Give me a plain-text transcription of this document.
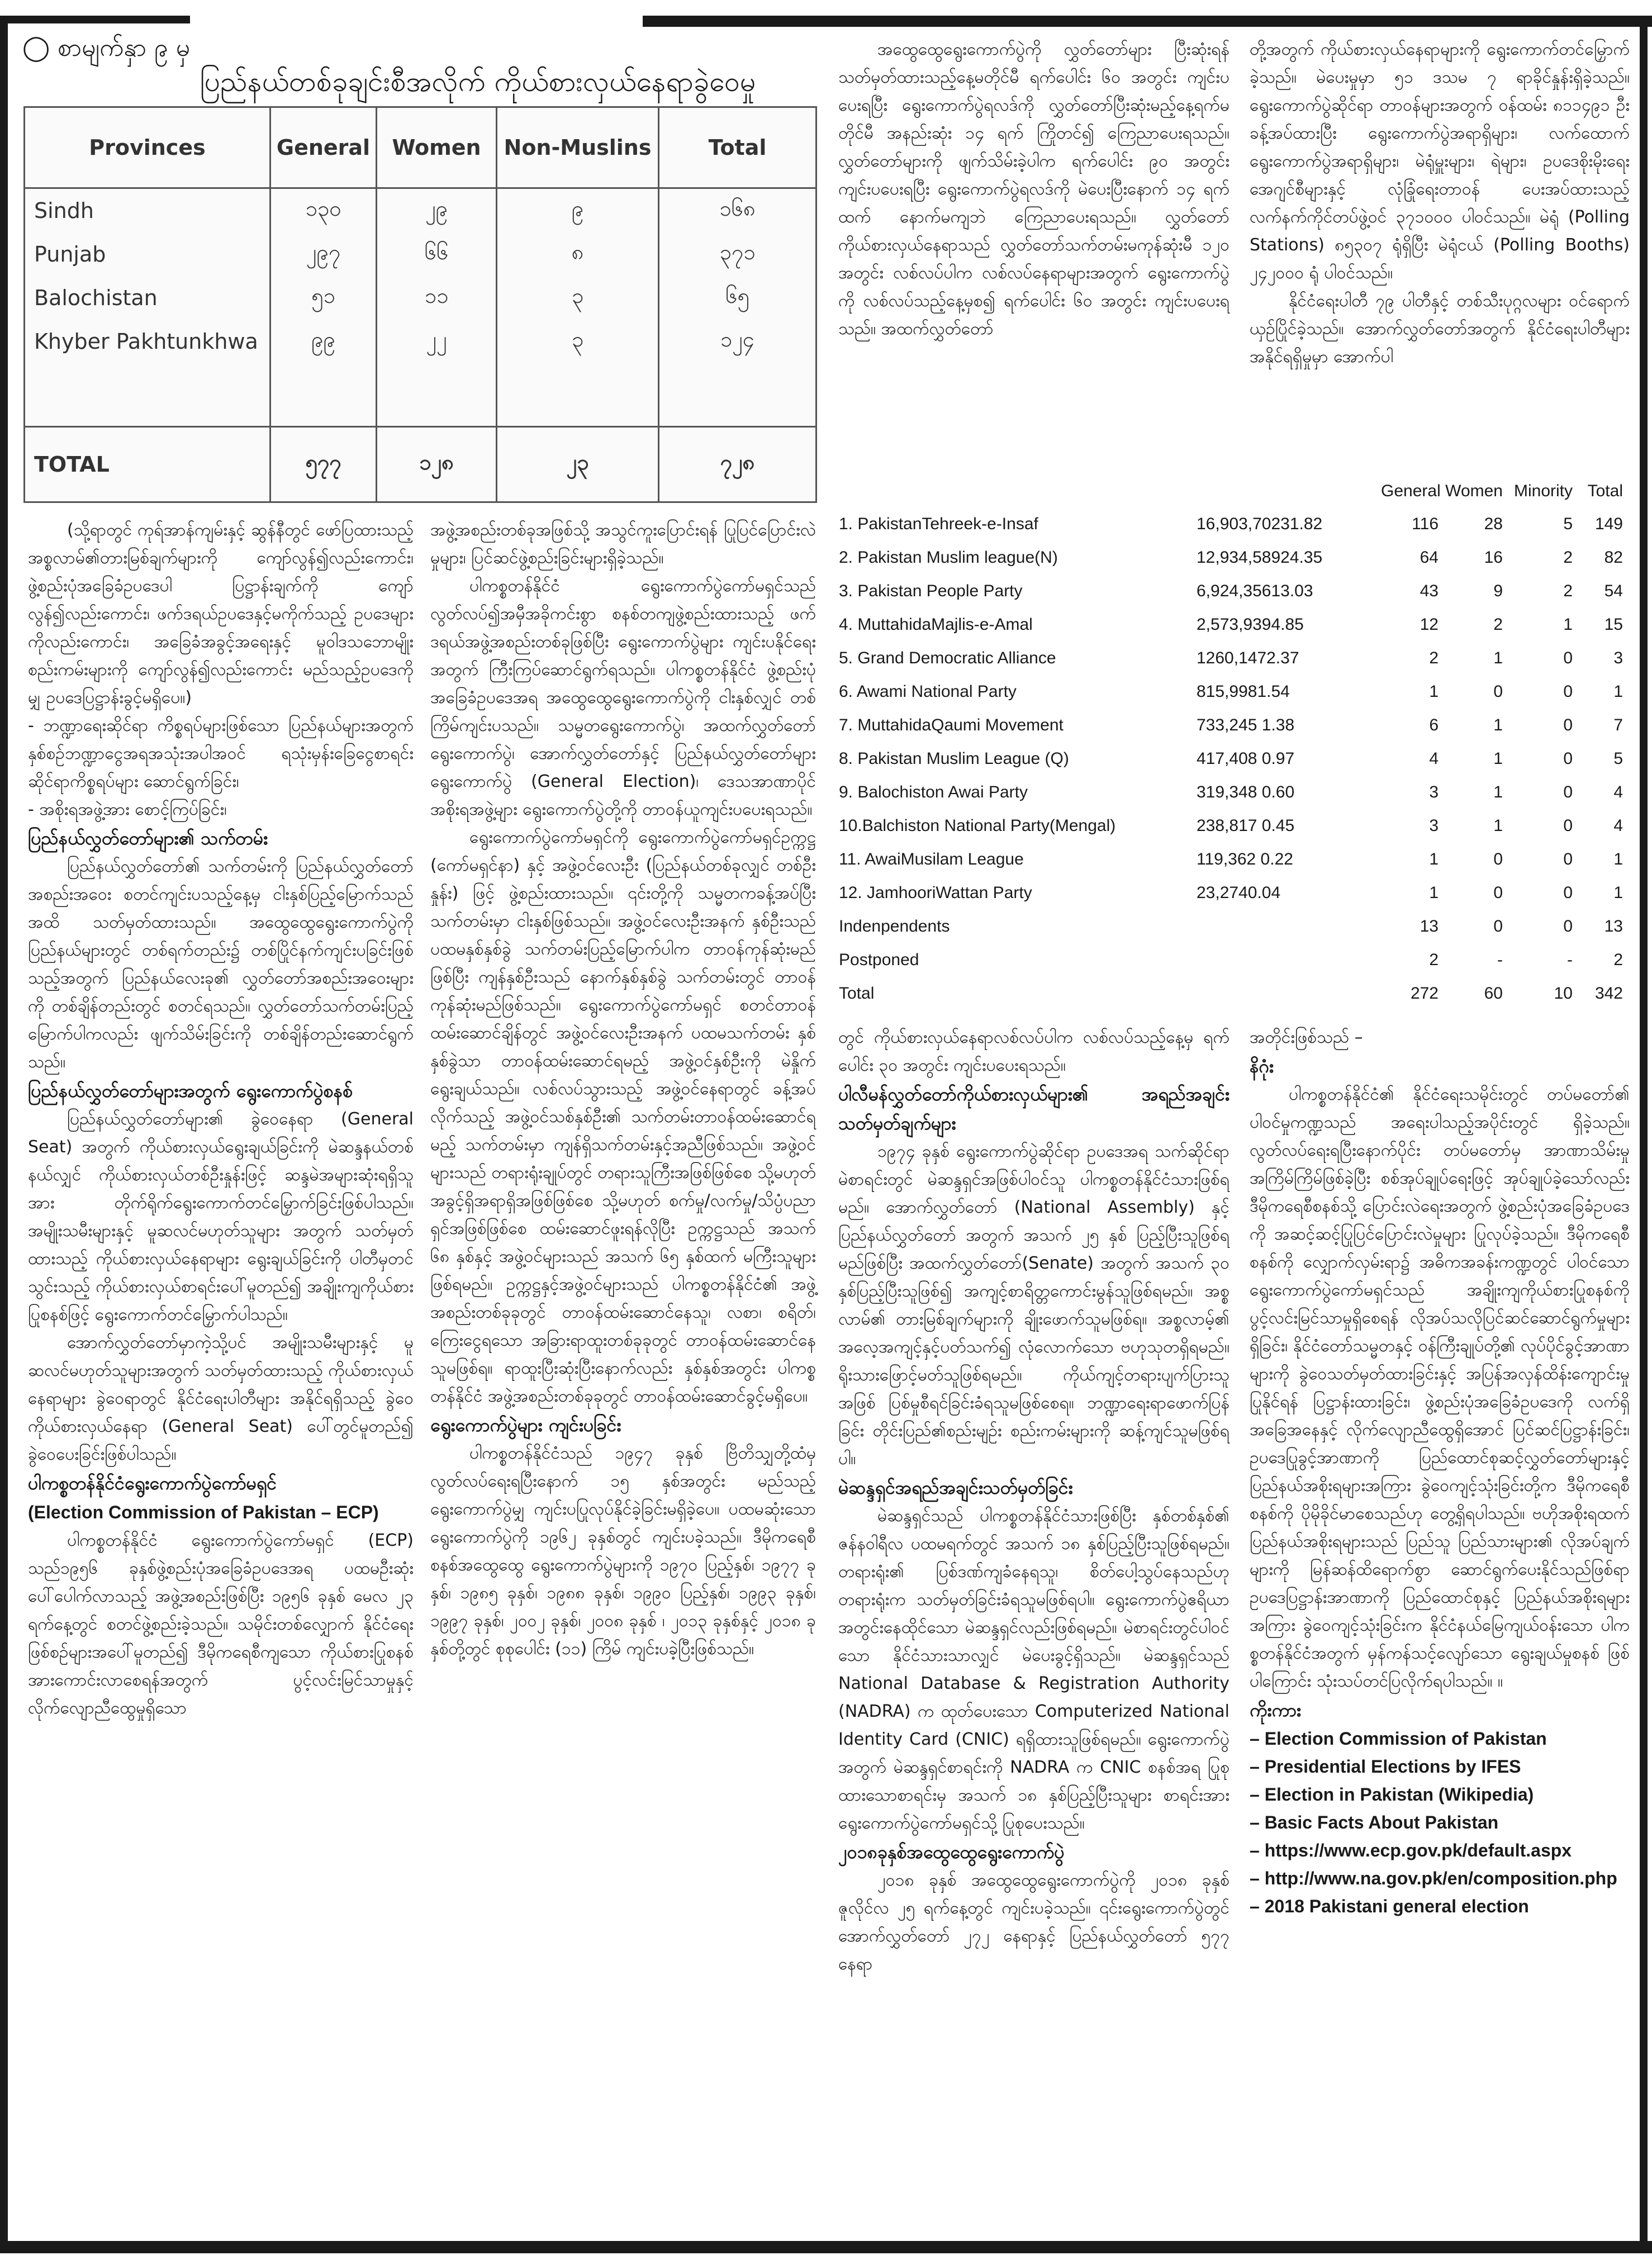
◯ စာမျက်နှာ ၉ မှ
ပြည်နယ်တစ်ခုချင်းစီအလိုက် ကိုယ်စားလှယ်နေရာခွဲဝေမှု
Provinces	General	Women	Non-Muslins	Total
Sindh	၁၃၀	၂၉	၉	၁၆၈
Punjab	၂၉၇	၆၆	၈	၃၇၁
Balochistan	၅၁	၁၁	၃	၆၅
Khyber Pakhtunkhwa	၉၉	၂၂	၃	၁၂၄

TOTAL	၅၇၇	၁၂၈	၂၃	၇၂၈

(သို့ရာတွင် ကုရ်အာန်ကျမ်းနှင့် ဆွန်နီတွင် ဖော်ပြထားသည့် အစ္စလာမ်၏တားမြစ်ချက်များကို ကျော်လွန်၍လည်းကောင်း၊ ဖွဲ့စည်းပုံအခြေခံဥပဒေပါ ပြဋ္ဌာန်းချက်ကို ကျော်လွန်၍လည်းကောင်း၊ ဖက်ဒရယ်ဥပဒေနှင့်မကိုက်သည့် ဥပဒေများကိုလည်းကောင်း၊ အခြေခံအခွင့်အရေးနှင့် မူဝါဒသဘောမျိုးစည်းကမ်းများကို ကျော်လွန်၍လည်းကောင်း မည်သည့်ဥပဒေကိုမျှ ဥပဒေပြဋ္ဌာန်းခွင့်မရှိပေ။)

- ဘဏ္ဍာရေးဆိုင်ရာ ကိစ္စရပ်များဖြစ်သော ပြည်နယ်များအတွက် နှစ်စဉ်ဘဏ္ဍာငွေအရအသုံးအပါအဝင် ရသုံးမှန်းခြေငွေစာရင်းဆိုင်ရာကိစ္စရပ်များ ဆောင်ရွက်ခြင်း၊
- အစိုးရအဖွဲ့အား စောင့်ကြပ်ခြင်း၊
ပြည်နယ်လွှတ်တော်များ၏ သက်တမ်း

ပြည်နယ်လွှတ်တော်၏ သက်တမ်းကို ပြည်နယ်လွှတ်တော်အစည်းအဝေး စတင်ကျင်းပသည့်နေ့မှ ငါးနှစ်ပြည့်မြောက်သည်အထိ သတ်မှတ်ထားသည်။ အထွေထွေရွေးကောက်ပွဲကို ပြည်နယ်များတွင် တစ်ရက်တည်း၌ တစ်ပြိုင်နက်ကျင်းပခြင်းဖြစ်သည့်အတွက် ပြည်နယ်လေးခု၏ လွှတ်တော်အစည်းအဝေးများကို တစ်ချိန်တည်းတွင် စတင်ရသည်။ လွှတ်တော်သက်တမ်းပြည့်မြောက်ပါကလည်း ဖျက်သိမ်းခြင်းကို တစ်ချိန်တည်းဆောင်ရွက်သည်။

ပြည်နယ်လွှတ်တော်များအတွက် ရွေးကောက်ပွဲစနစ်

ပြည်နယ်လွှတ်တော်များ၏ ခွဲဝေနေရာ (General Seat) အတွက် ကိုယ်စားလှယ်ရွေးချယ်ခြင်းကို မဲဆန္ဒနယ်တစ်နယ်လျှင် ကိုယ်စားလှယ်တစ်ဦးနှုန်းဖြင့် ဆန္ဒမဲအများဆုံးရရှိသူအား တိုက်ရိုက်ရွေးကောက်တင်မြှောက်ခြင်းဖြစ်ပါသည်။ အမျိုးသမီးများနှင့် မူဆလင်မဟုတ်သူများ အတွက် သတ်မှတ်ထားသည့် ကိုယ်စားလှယ်နေရာများ ရွေးချယ်ခြင်းကို ပါတီမှတင်သွင်းသည့် ကိုယ်စားလှယ်စာရင်းပေါ်မူတည်၍ အချိုးကျကိုယ်စားပြုစနစ်ဖြင့် ရွေးကောက်တင်မြှောက်ပါသည်။

အောက်လွှတ်တော်မှာကဲ့သို့ပင် အမျိုးသမီးများနှင့် မူဆလင်မဟုတ်သူများအတွက် သတ်မှတ်ထားသည့် ကိုယ်စားလှယ်နေရာများ ခွဲဝေရာတွင် နိုင်ငံရေးပါတီများ အနိုင်ရရှိသည့် ခွဲဝေကိုယ်စားလှယ်နေရာ (General Seat) ပေါ်တွင်မူတည်၍ ခွဲဝေပေးခြင်းဖြစ်ပါသည်။

ပါကစ္စတန်နိုင်ငံရွေးကောက်ပွဲကော်မရှင်
(Election Commission of Pakistan – ECP)

ပါကစ္စတန်နိုင်ငံ ရွေးကောက်ပွဲကော်မရှင် (ECP) သည်၁၉၅၆ ခုနှစ်ဖွဲ့စည်းပုံအခြေခံဥပဒေအရ ပထမဦးဆုံးပေါ်ပေါက်လာသည့် အဖွဲ့အစည်းဖြစ်ပြီး ၁၉၅၆ ခုနှစ် မေလ ၂၃ ရက်နေ့တွင် စတင်ဖွဲ့စည်းခဲ့သည်။ သမိုင်းတစ်လျှောက် နိုင်ငံရေးဖြစ်စဉ်များအပေါ်မူတည်၍ ဒီမိုကရေစီကျသော ကိုယ်စားပြုစနစ် အားကောင်းလာစေရန်အတွက် ပွင့်လင်းမြင်သာမှုနှင့် လိုက်လျောညီထွေမှုရှိသော

အဖွဲ့အစည်းတစ်ခုအဖြစ်သို့ အသွင်ကူးပြောင်းရန် ပြုပြင်ပြောင်းလဲမှုများ၊ ပြင်ဆင်ဖွဲ့စည်းခြင်းများရှိခဲ့သည်။

ပါကစ္စတန်နိုင်ငံ ရွေးကောက်ပွဲကော်မရှင်သည် လွတ်လပ်၍အမှီအခိုကင်းစွာ စနစ်တကျဖွဲ့စည်းထားသည့် ဖက်ဒရယ်အဖွဲ့အစည်းတစ်ခုဖြစ်ပြီး ရွေးကောက်ပွဲများ ကျင်းပနိုင်ရေးအတွက် ကြီးကြပ်ဆောင်ရွက်ရသည်။ ပါကစ္စတန်နိုင်ငံ ဖွဲ့စည်းပုံအခြေခံဥပဒေအရ အထွေထွေရွေးကောက်ပွဲကို ငါးနှစ်လျှင် တစ်ကြိမ်ကျင်းပသည်။ သမ္မတရွေးကောက်ပွဲ၊ အထက်လွှတ်တော်ရွေးကောက်ပွဲ၊ အောက်လွှတ်တော်နှင့် ပြည်နယ်လွှတ်တော်များ ရွေးကောက်ပွဲ (General Election)၊ ဒေသအာဏာပိုင်အစိုးရအဖွဲ့များ ရွေးကောက်ပွဲတို့ကို တာဝန်ယူကျင်းပပေးရသည်။

ရွေးကောက်ပွဲကော်မရှင်ကို ရွေးကောက်ပွဲကော်မရှင်ဥက္ကဋ္ဌ (ကော်မရှင်နာ) နှင့် အဖွဲ့ဝင်လေးဦး (ပြည်နယ်တစ်ခုလျှင် တစ်ဦးနှုန်း) ဖြင့် ဖွဲ့စည်းထားသည်။ ၎င်းတို့ကို သမ္မတကခန့်အပ်ပြီး သက်တမ်းမှာ ငါးနှစ်ဖြစ်သည်။ အဖွဲ့ဝင်လေးဦးအနက် နှစ်ဦးသည် ပထမနှစ်နှစ်ခွဲ သက်တမ်းပြည့်မြောက်ပါက တာဝန်ကုန်ဆုံးမည်ဖြစ်ပြီး ကျန်နှစ်ဦးသည် နောက်နှစ်နှစ်ခွဲ သက်တမ်းတွင် တာဝန်ကုန်ဆုံးမည်ဖြစ်သည်။ ရွေးကောက်ပွဲကော်မရှင် စတင်တာဝန်ထမ်းဆောင်ချိန်တွင် အဖွဲ့ဝင်လေးဦးအနက် ပထမသက်တမ်း နှစ်နှစ်ခွဲသာ တာဝန်ထမ်းဆောင်ရမည့် အဖွဲ့ဝင်နှစ်ဦးကို မဲနှိုက်ရွေးချယ်သည်။ လစ်လပ်သွားသည့် အဖွဲ့ဝင်နေရာတွင် ခန့်အပ်လိုက်သည့် အဖွဲ့ဝင်သစ်နှစ်ဦး၏ သက်တမ်းတာဝန်ထမ်းဆောင်ရမည့် သက်တမ်းမှာ ကျန်ရှိသက်တမ်းနှင့်အညီဖြစ်သည်။ အဖွဲ့ဝင်များသည် တရားရုံးချုပ်တွင် တရားသူကြီးအဖြစ်ဖြစ်စေ သို့မဟုတ် အခွင့်ရှိအရာရှိအဖြစ်ဖြစ်စေ သို့မဟုတ် စက်မှု/လက်မှု/သိပ္ပံပညာရှင်အဖြစ်ဖြစ်စေ ထမ်းဆောင်ဖူးရန်လိုပြီး ဥက္ကဋ္ဌသည် အသက် ၆၈ နှစ်နှင့် အဖွဲ့ဝင်များသည် အသက် ၆၅ နှစ်ထက် မကြီးသူများဖြစ်ရမည်။ ဥက္ကဋ္ဌနှင့်အဖွဲ့ဝင်များသည် ပါကစ္စတန်နိုင်ငံ၏ အဖွဲ့အစည်းတစ်ခုခုတွင် တာဝန်ထမ်းဆောင်နေသူ၊ လစာ၊ စရိတ်၊ ကြေးငွေရသော အခြားရာထူးတစ်ခုခုတွင် တာဝန်ထမ်းဆောင်နေသူမဖြစ်ရ။ ရာထူးပြီးဆုံးပြီးနောက်လည်း နှစ်နှစ်အတွင်း ပါကစ္စတန်နိုင်ငံ အဖွဲ့အစည်းတစ်ခုခုတွင် တာဝန်ထမ်းဆောင်ခွင့်မရှိပေ။

ရွေးကောက်ပွဲများ ကျင်းပခြင်း

ပါကစ္စတန်နိုင်ငံသည် ၁၉၄၇ ခုနှစ် ဗြိတိသျှတို့ထံမှ လွတ်လပ်ရေးရပြီးနောက် ၁၅ နှစ်အတွင်း မည်သည့်ရွေးကောက်ပွဲမျှ ကျင်းပပြုလုပ်နိုင်ခဲ့ခြင်းမရှိခဲ့ပေ။ ပထမဆုံးသောရွေးကောက်ပွဲကို ၁၉၆၂ ခုနှစ်တွင် ကျင်းပခဲ့သည်။ ဒီမိုကရေစီစနစ်အထွေထွေ ရွေးကောက်ပွဲများကို ၁၉၇၀ ပြည့်နှစ်၊ ၁၉၇၇ ခုနှစ်၊ ၁၉၈၅ ခုနှစ်၊ ၁၉၈၈ ခုနှစ်၊ ၁၉၉၀ ပြည့်နှစ်၊ ၁၉၉၃ ခုနှစ်၊ ၁၉၉၇ ခုနှစ်၊ ၂၀၀၂ ခုနှစ်၊ ၂၀၀၈ ခုနှစ် ၊ ၂၀၁၃ ခုနှစ်နှင့် ၂၀၁၈ ခုနှစ်တို့တွင် စုစုပေါင်း (၁၁) ကြိမ် ကျင်းပခဲ့ပြီးဖြစ်သည်။

အထွေထွေရွေးကောက်ပွဲကို လွှတ်တော်များ ပြီးဆုံးရန် သတ်မှတ်ထားသည့်နေ့မတိုင်မီ ရက်ပေါင်း ၆၀ အတွင်း ကျင်းပပေးရပြီး ရွေးကောက်ပွဲရလဒ်ကို လွှတ်တော်ပြီးဆုံးမည့်နေ့ရက်မတိုင်မီ အနည်းဆုံး ၁၄ ရက် ကြိုတင်၍ ကြေညာပေးရသည်။ လွှတ်တော်များကို ဖျက်သိမ်းခဲ့ပါက ရက်ပေါင်း ၉၀ အတွင်း ကျင်းပပေးရပြီး ရွေးကောက်ပွဲရလဒ်ကို မဲပေးပြီးနောက် ၁၄ ရက်ထက် နောက်မကျဘဲ ကြေညာပေးရသည်။ လွှတ်တော်ကိုယ်စားလှယ်နေရာသည် လွှတ်တော်သက်တမ်းမကုန်ဆုံးမီ ၁၂၀ အတွင်း လစ်လပ်ပါက လစ်လပ်နေရာများအတွက် ရွေးကောက်ပွဲကို လစ်လပ်သည့်နေ့မှစ၍ ရက်ပေါင်း ၆၀ အတွင်း ကျင်းပပေးရသည်။ အထက်လွှတ်တော်

တို့အတွက် ကိုယ်စားလှယ်နေရာများကို ရွေးကောက်တင်မြှောက်ခဲ့သည်။ မဲပေးမှုမှာ ၅၁ ဒသမ ၇ ရာခိုင်နှုန်းရှိခဲ့သည်။ ရွေးကောက်ပွဲဆိုင်ရာ တာဝန်များအတွက် ဝန်ထမ်း ၈၁၁၄၉၁ ဦး ခန့်အပ်ထားပြီး ရွေးကောက်ပွဲအရာရှိများ၊ လက်ထောက် ရွေးကောက်ပွဲအရာရှိများ၊ မဲရုံမှူးများ၊ ရဲများ၊ ဥပဒေစိုးမိုးရေးအေဂျင်စီများနှင့် လုံခြုံရေးတာဝန် ပေးအပ်ထားသည့် လက်နက်ကိုင်တပ်ဖွဲ့ဝင် ၃၇၁၀၀၀ ပါဝင်သည်။ မဲရုံ (Polling Stations) ၈၅၃၀၇ ရုံရှိပြီး မဲရုံငယ် (Polling Booths) ၂၄၂၀၀၀ ရုံ ပါဝင်သည်။

နိုင်ငံရေးပါတီ ၇၉ ပါတီနှင့် တစ်သီးပုဂ္ဂလများ ဝင်ရောက်ယှဉ်ပြိုင်ခဲ့သည်။ အောက်လွှတ်တော်အတွက် နိုင်ငံရေးပါတီများ အနိုင်ရရှိမှုမှာ အောက်ပါ

		General	Women	Minority	Total
1. PakistanTehreek-e-Insaf	16,903,70231.82	116	28	5	149
2. Pakistan Muslim league(N)	12,934,58924.35	64	16	2	82
3. Pakistan People Party	6,924,35613.03	43	9	2	54
4. MuttahidaMajlis-e-Amal	2,573,9394.85	12	2	1	15
5. Grand Democratic Alliance	1260,1472.37	2	1	0	3
6. Awami National Party	815,9981.54	1	0	0	1
7. MuttahidaQaumi Movement	733,245 1.38	6	1	0	7
8. Pakistan Muslim League (Q)	417,408 0.97	4	1	0	5
9. Balochiston Awai Party	319,348 0.60	3	1	0	4
10.Balchiston National Party(Mengal)	238,817 0.45	3	1	0	4
11. AwaiMusilam League	119,362 0.22	1	0	0	1
12. JamhooriWattan Party	23,2740.04	1	0	0	1
Indenpendents		13	0	0	13
Postponed		2	-	-	2
Total		272	60	10	342

တွင် ကိုယ်စားလှယ်နေရာလစ်လပ်ပါက လစ်လပ်သည့်နေ့မှ ရက်ပေါင်း ၃၀ အတွင်း ကျင်းပပေးရသည်။

ပါလီမန်လွှတ်တော်ကိုယ်စားလှယ်များ၏ အရည်အချင်းသတ်မှတ်ချက်များ

၁၉၇၄ ခုနှစ် ရွေးကောက်ပွဲဆိုင်ရာ ဥပဒေအရ သက်ဆိုင်ရာမဲစာရင်းတွင် မဲဆန္ဒရှင်အဖြစ်ပါဝင်သူ ပါကစ္စတန်နိုင်ငံသားဖြစ်ရမည်။ အောက်လွှတ်တော် (National Assembly) နှင့် ပြည်နယ်လွှတ်တော် အတွက် အသက် ၂၅ နှစ် ပြည့်ပြီးသူဖြစ်ရမည်ဖြစ်ပြီး အထက်လွှတ်တော်(Senate) အတွက် အသက် ၃၀ နှစ်ပြည့်ပြီးသူဖြစ်၍ အကျင့်စာရိတ္တကောင်းမွန်သူဖြစ်ရမည်။ အစ္စလာမ်၏ တားမြစ်ချက်များကို ချိုးဖောက်သူမဖြစ်ရ။ အစ္စလာမ့်၏ အလေ့အကျင့်နှင့်ပတ်သက်၍ လုံလောက်သော ဗဟုသုတရှိရမည်။ ရိုးသားဖြောင့်မတ်သူဖြစ်ရမည်။ ကိုယ်ကျင့်တရားပျက်ပြားသူအဖြစ် ပြစ်မှုစီရင်ခြင်းခံရသူမဖြစ်စေရ။ ဘဏ္ဍာရေးရာဖောက်ပြန်ခြင်း တိုင်းပြည်၏စည်းမျဉ်း စည်းကမ်းများကို ဆန့်ကျင်သူမဖြစ်ရပါ။

မဲဆန္ဒရှင်အရည်အချင်းသတ်မှတ်ခြင်း

မဲဆန္ဒရှင်သည် ပါကစ္စတန်နိုင်ငံသားဖြစ်ပြီး နှစ်တစ်နှစ်၏ ဇန်နဝါရီလ ပထမရက်တွင် အသက် ၁၈ နှစ်ပြည့်ပြီးသူဖြစ်ရမည်။ တရားရုံး၏ ပြစ်ဒဏ်ကျခံနေရသူ၊ စိတ်ပေါ့သွပ်နေသည်ဟု တရားရုံးက သတ်မှတ်ခြင်းခံရသူမဖြစ်ရပါ။ ရွေးကောက်ပွဲဧရိယာ အတွင်းနေထိုင်သော မဲဆန္ဒရှင်လည်းဖြစ်ရမည်။ မဲစာရင်းတွင်ပါဝင်သော နိုင်ငံသားသာလျှင် မဲပေးခွင့်ရှိသည်။ မဲဆန္ဒရှင်သည် National Database & Registration Authority (NADRA) က ထုတ်ပေးသော Computerized National Identity Card (CNIC) ရရှိထားသူဖြစ်ရမည်။ ရွေးကောက်ပွဲအတွက် မဲဆန္ဒရှင်စာရင်းကို NADRA က CNIC စနစ်အရ ပြုစုထားသောစာရင်းမှ အသက် ၁၈ နှစ်ပြည့်ပြီးသူများ စာရင်းအား ရွေးကောက်ပွဲကော်မရှင်သို့ ပြုစုပေးသည်။

၂၀၁၈ခုနှစ်အထွေထွေရွေးကောက်ပွဲ

၂၀၁၈ ခုနှစ် အထွေထွေရွေးကောက်ပွဲကို ၂၀၁၈ ခုနှစ် ဇူလိုင်လ ၂၅ ရက်နေ့တွင် ကျင်းပခဲ့သည်။ ၎င်းရွေးကောက်ပွဲတွင် အောက်လွှတ်တော် ၂၇၂ နေရာနှင့် ပြည်နယ်လွှတ်တော် ၅၇၇ နေရာ

အတိုင်းဖြစ်သည် –

နိဂုံး

ပါကစ္စတန်နိုင်ငံ၏ နိုင်ငံရေးသမိုင်းတွင် တပ်မတော်၏ ပါဝင်မှုကဏ္ဍသည် အရေးပါသည့်အပိုင်းတွင် ရှိခဲ့သည်။ လွတ်လပ်ရေးရပြီးနောက်ပိုင်း တပ်မတော်မှ အာဏာသိမ်းမှုအကြိမ်ကြိမ်ဖြစ်ခဲ့ပြီး စစ်အုပ်ချုပ်ရေးဖြင့် အုပ်ချုပ်ခဲ့သော်လည်း ဒီမိုကရေစီစနစ်သို့ ပြောင်းလဲရေးအတွက် ဖွဲ့စည်းပုံအခြေခံဥပဒေကို အဆင့်ဆင့်ပြုပြင်ပြောင်းလဲမှုများ ပြုလုပ်ခဲ့သည်။ ဒီမိုကရေစီစနစ်ကို လျှောက်လှမ်းရာ၌ အဓိကအခန်းကဏ္ဍတွင် ပါဝင်သော ရွေးကောက်ပွဲကော်မရှင်သည် အချိုးကျကိုယ်စားပြုစနစ်ကို ပွင့်လင်းမြင်သာမှုရှိစေရန် လိုအပ်သလိုပြင်ဆင်ဆောင်ရွက်မှုများရှိခြင်း၊ နိုင်ငံတော်သမ္မတနှင့် ဝန်ကြီးချုပ်တို့၏ လုပ်ပိုင်ခွင့်အာဏာများကို ခွဲဝေသတ်မှတ်ထားခြင်းနှင့် အပြန်အလှန်ထိန်းကျောင်းမှုပြုနိုင်ရန် ပြဋ္ဌာန်းထားခြင်း၊ ဖွဲ့စည်းပုံအခြေခံဥပဒေကို လက်ရှိအခြေအနေနှင့် လိုက်လျောညီထွေရှိအောင် ပြင်ဆင်ပြဋ္ဌာန်းခြင်း၊ ဥပဒေပြုခွင့်အာဏာကို ပြည်ထောင်စုဆင့်လွှတ်တော်များနှင့် ပြည်နယ်အစိုးရများအကြား ခွဲဝေကျင့်သုံးခြင်းတို့က ဒီမိုကရေစီစနစ်ကို ပိုမိုခိုင်မာစေသည်ဟု တွေ့ရှိရပါသည်။ ဗဟိုအစိုးရထက် ပြည်နယ်အစိုးရများသည် ပြည်သူ ပြည်သားများ၏ လိုအပ်ချက်များကို မြန်ဆန်ထိရောက်စွာ ဆောင်ရွက်ပေးနိုင်သည်ဖြစ်ရာ ဥပဒေပြဋ္ဌာန်းအာဏာကို ပြည်ထောင်စုနှင့် ပြည်နယ်အစိုးရများအကြား ခွဲဝေကျင့်သုံးခြင်းက နိုင်ငံနယ်မြေကျယ်ဝန်းသော ပါကစ္စတန်နိုင်ငံအတွက် မှန်ကန်သင့်လျော်သော ရွေးချယ်မှုစနစ် ဖြစ်ပါကြောင်း သုံးသပ်တင်ပြလိုက်ရပါသည်။ ။

ကိုးကား
– Election Commission of Pakistan
– Presidential Elections by IFES
– Election in Pakistan (Wikipedia)
– Basic Facts About Pakistan
– https://www.ecp.gov.pk/default.aspx
– http://www.na.gov.pk/en/composition.php
– 2018 Pakistani general election
